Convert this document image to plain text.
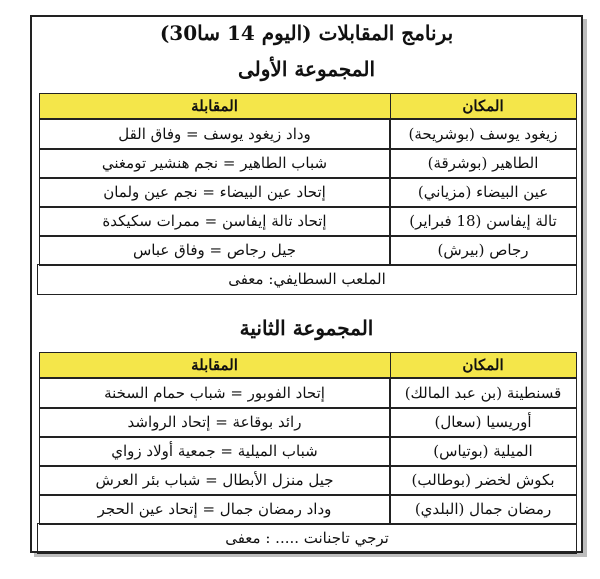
برنامج المقابلات (اليوم 14 سا30)
المجموعة الأولى
المكان
المقابلة
زيغود يوسف (بوشريحة)
وداد زيغود يوسف = وفاق القل
الطاهير (بوشرقة)
شباب الطاهير = نجم هنشير تومغني
عين البيضاء (مزياني)
إتحاد عين البيضاء = نجم عين ولمان
تالة إيفاسن (18 فبراير)
إتحاد تالة إيفاسن = ممرات سكيكدة
رجاص (بيرش)
جيل رجاص = وفاق عباس
الملعب السطايفي: معفى
المجموعة الثانية
المكان
المقابلة
قسنطينة (بن عبد المالك)
إتحاد الفوبور = شباب حمام السخنة
أوريسيا (سعال)
رائد بوقاعة = إتحاد الرواشد
الميلية (بوتياس)
شباب الميلية = جمعية أولاد زواي
بكوش لخضر (بوطالب)
جيل منزل الأبطال = شباب بئر العرش
رمضان جمال (البلدي)
وداد رمضان جمال = إتحاد عين الحجر
ترجي تاجنانت ..... : معفى
